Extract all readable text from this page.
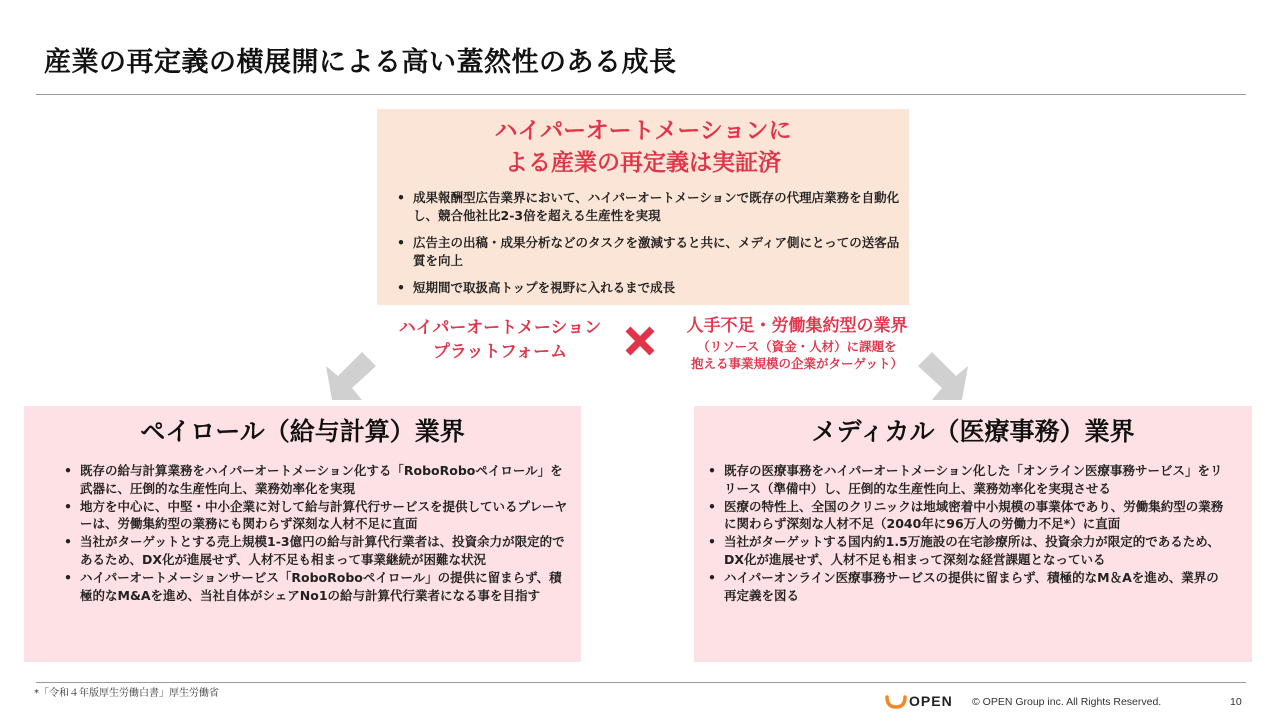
産業の再定義の横展開による高い蓋然性のある成長
ハイパーオートメーションに
よる産業の再定義は実証済
• 成果報酬型広告業界において、ハイパーオートメーションで既存の代理店業務を自動化し、競合他社比2-3倍を超える生産性を実現
• 広告主の出稿・成果分析などのタスクを激減すると共に、メディア側にとっての送客品質を向上
• 短期間で取扱高トップを視野に入れるまで成長
ハイパーオートメーション
プラットフォーム
人手不足・労働集約型の業界
（リソース（資金・人材）に課題を
抱える事業規模の企業がターゲット）
ペイロール（給与計算）業界
• 既存の給与計算業務をハイパーオートメーション化する「RoboRoboペイロール」を武器に、圧倒的な生産性向上、業務効率化を実現
• 地方を中心に、中堅・中小企業に対して給与計算代行サービスを提供しているプレーヤーは、労働集約型の業務にも関わらず深刻な人材不足に直面
• 当社がターゲットとする売上規模1-3億円の給与計算代行業者は、投資余力が限定的であるため、DX化が進展せず、人材不足も相まって事業継続が困難な状況
• ハイパーオートメーションサービス「RoboRoboペイロール」の提供に留まらず、積極的なM&Aを進め、当社自体がシェアNo1の給与計算代行業者になる事を目指す
メディカル（医療事務）業界
• 既存の医療事務をハイパーオートメーション化した「オンライン医療事務サービス」をリリース（準備中）し、圧倒的な生産性向上、業務効率化を実現させる
• 医療の特性上、全国のクリニックは地域密着中小規模の事業体であり、労働集約型の業務に関わらず深刻な人材不足（2040年に96万人の労働力不足*）に直面
• 当社がターゲットする国内約1.5万施設の在宅診療所は、投資余力が限定的であるため、DX化が進展せず、人材不足も相まって深刻な経営課題となっている
• ハイパーオンライン医療事務サービスの提供に留まらず、積極的なM＆Aを進め、業界の再定義を図る
*「令和４年版厚生労働白書」厚生労働省	OPEN © OPEN Group inc. All Rights Reserved.	10
